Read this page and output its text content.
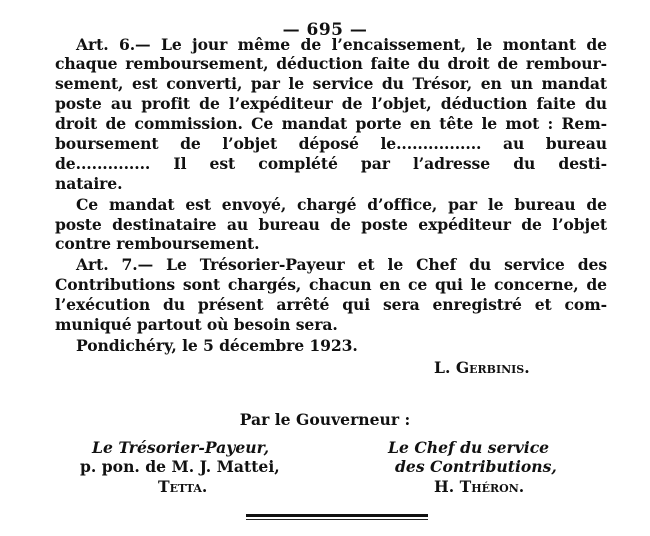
— 695 —
Art. 6.— Le jour même de l’encaissement, le montant de
chaque remboursement, déduction faite du droit de rembour-
sement, est converti, par le service du Trésor, en un mandat
poste au profit de l’expéditeur de l’objet, déduction faite du
droit de commission. Ce mandat porte en tête le mot : Rem-
boursement de l’objet déposé le................ au bureau
de.............. Il est complété par l’adresse du desti-
nataire.
Ce mandat est envoyé, chargé d’office, par le bureau de
poste destinataire au bureau de poste expéditeur de l’objet
contre remboursement.
Art. 7.— Le Trésorier-Payeur et le Chef du service des
Contributions sont chargés, chacun en ce qui le concerne, de
l’exécution du présent arrêté qui sera enregistré et com-
muniqué partout où besoin sera.
Pondichéry, le 5 décembre 1923.
L. Gerbinis.
Par le Gouverneur :
Le Trésorier-Payeur,
p. pon. de M. J. Mattei,
Tetta.
Le Chef du service
des Contributions,
H. Théron.
